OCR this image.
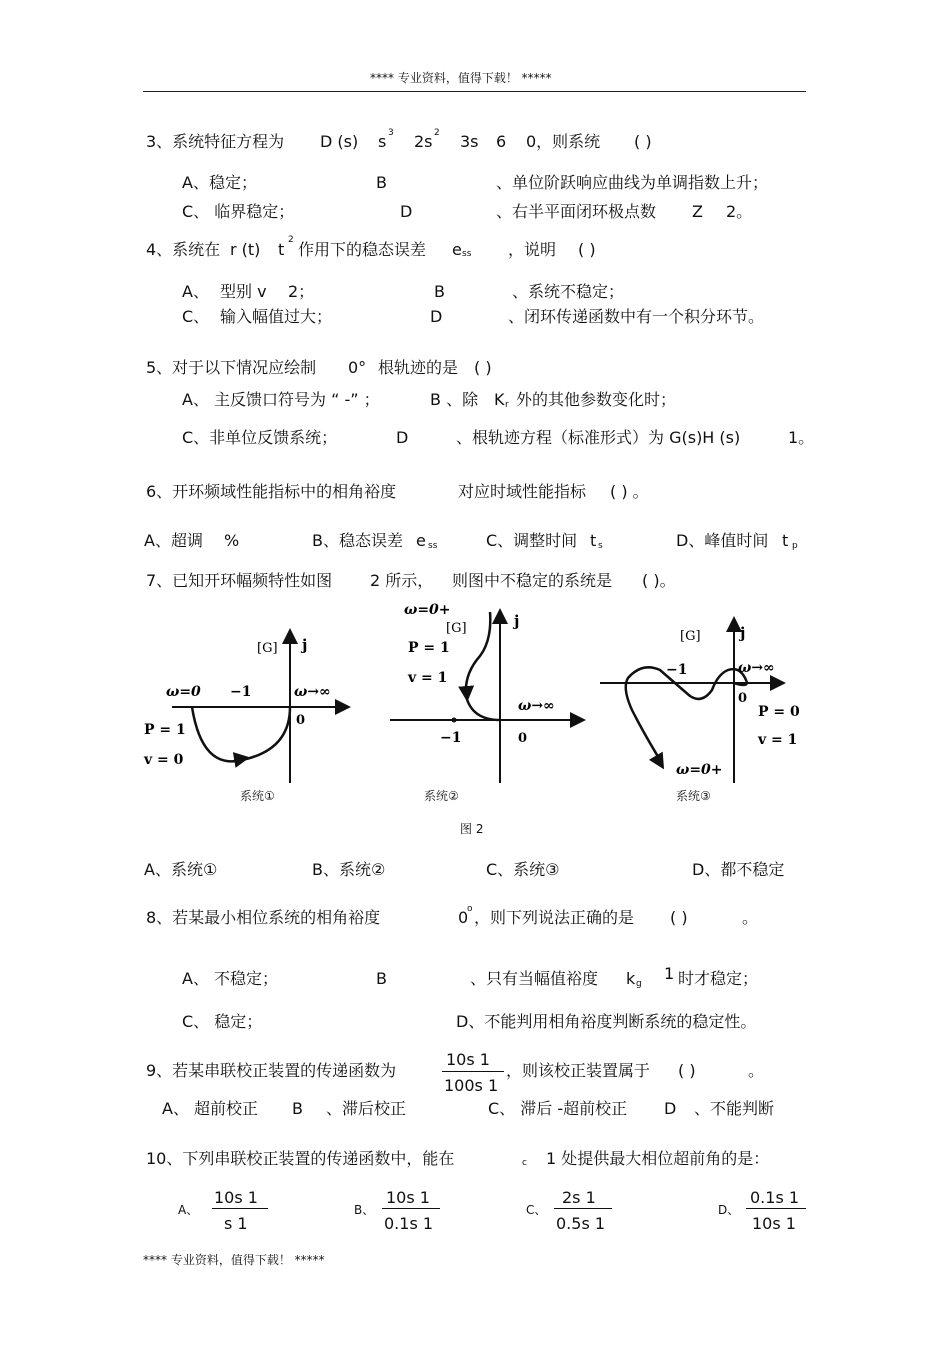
**** 专业资料，值得下载！ *****
3、系统特征方程为 D (s) s 3 2s 2 3s 6 0，则系统 ( )
A、稳定；	B	、单位阶跃响应曲线为单调指数上升；
C、 临界稳定；	D	、右半平面闭环极点数 Z 2。
4、系统在 r (t) t 2 作用下的稳态误差 e ss ，说明 ( )
A、 型别 v 2；	B	、系统不稳定；
C、 输入幅值过大；	D	、闭环传递函数中有一个积分环节。
5、对于以下情况应绘制 0° 根轨迹的是 ( )
A、 主反馈口符号为 “ -” ；	B 、除 K r 外的其他参数变化时；
C、非单位反馈系统；	D	、根轨迹方程（标准形式）为 G(s)H (s)	1。
6、开环频域性能指标中的相角裕度	对应时域性能指标 ( ) 。
A、超调 %	B、稳态误差 e ss	C、调整时间 t s	D、峰值时间 t p
7、已知开环幅频特性如图 2 所示， 则图中不稳定的系统是 ( )。
[G] j
ω=0 −1	ω→∞
0
P = 1
v = 0
ω=0+
[G]	j
P = 1
v = 1
ω→∞
−1	0
[G]	j
−1	ω→∞
0
P = 0
v = 1
ω=0+
系统①	系统②	系统③
图 2
A、系统①	B、系统②	C、系统③	D、都不稳定
8、若某最小相位系统的相角裕度	0
o ，则下列说法正确的是 ( )	。
A、 不稳定；	B	、只有当幅值裕度 k g
1 时才稳定；
C、 稳定；	D、不能判用相角裕度判断系统的稳定性。
9、若某串联校正装置的传递函数为
10s 1
100s 1
，则该校正装置属于 ( )	。
A、 超前校正 B 、滞后校正	C、 滞后 -超前校正 D 、不能判断
10、下列串联校正装置的传递函数中，能在	c 1 处提供最大相位超前角的是：
A、
10s 1
s 1
B、
10s 1
0.1s 1
C、
2s 1
0.5s 1
D、
0.1s 1
10s 1
**** 专业资料，值得下载！ *****
